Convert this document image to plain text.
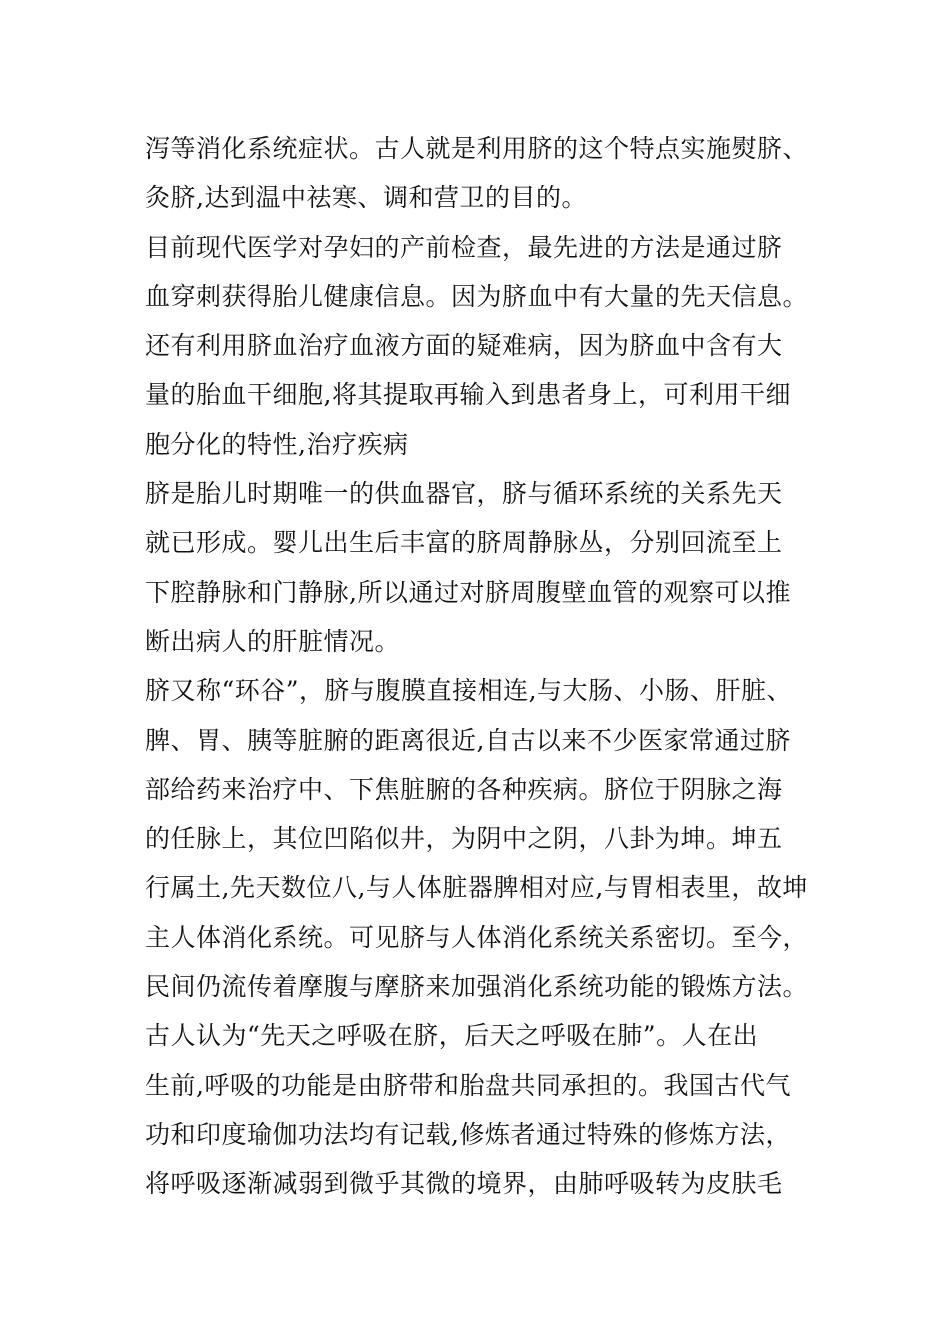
泻等消化系统症状。古人就是利用脐的这个特点实施熨脐、
灸脐,达到温中祛寒、调和营卫的目的。
目前现代医学对孕妇的产前检查，最先进的方法是通过脐
血穿刺获得胎儿健康信息。因为脐血中有大量的先天信息。
还有利用脐血治疗血液方面的疑难病，因为脐血中含有大
量的胎血干细胞,将其提取再输入到患者身上，可利用干细
胞分化的特性,治疗疾病
脐是胎儿时期唯一的供血器官，脐与循环系统的关系先天
就已形成。婴儿出生后丰富的脐周静脉丛，分别回流至上
下腔静脉和门静脉,所以通过对脐周腹壁血管的观察可以推
断出病人的肝脏情况。
脐又称“环谷”，脐与腹膜直接相连,与大肠、小肠、肝脏、
脾、胃、胰等脏腑的距离很近,自古以来不少医家常通过脐
部给药来治疗中、下焦脏腑的各种疾病。脐位于阴脉之海
的任脉上，其位凹陷似井，为阴中之阴，八卦为坤。坤五
行属土,先天数位八,与人体脏器脾相对应,与胃相表里，故坤
主人体消化系统。可见脐与人体消化系统关系密切。至今，
民间仍流传着摩腹与摩脐来加强消化系统功能的锻炼方法。
古人认为“先天之呼吸在脐，后天之呼吸在肺”。人在出
生前,呼吸的功能是由脐带和胎盘共同承担的。我国古代气
功和印度瑜伽功法均有记载,修炼者通过特殊的修炼方法，
将呼吸逐渐减弱到微乎其微的境界，由肺呼吸转为皮肤毛
